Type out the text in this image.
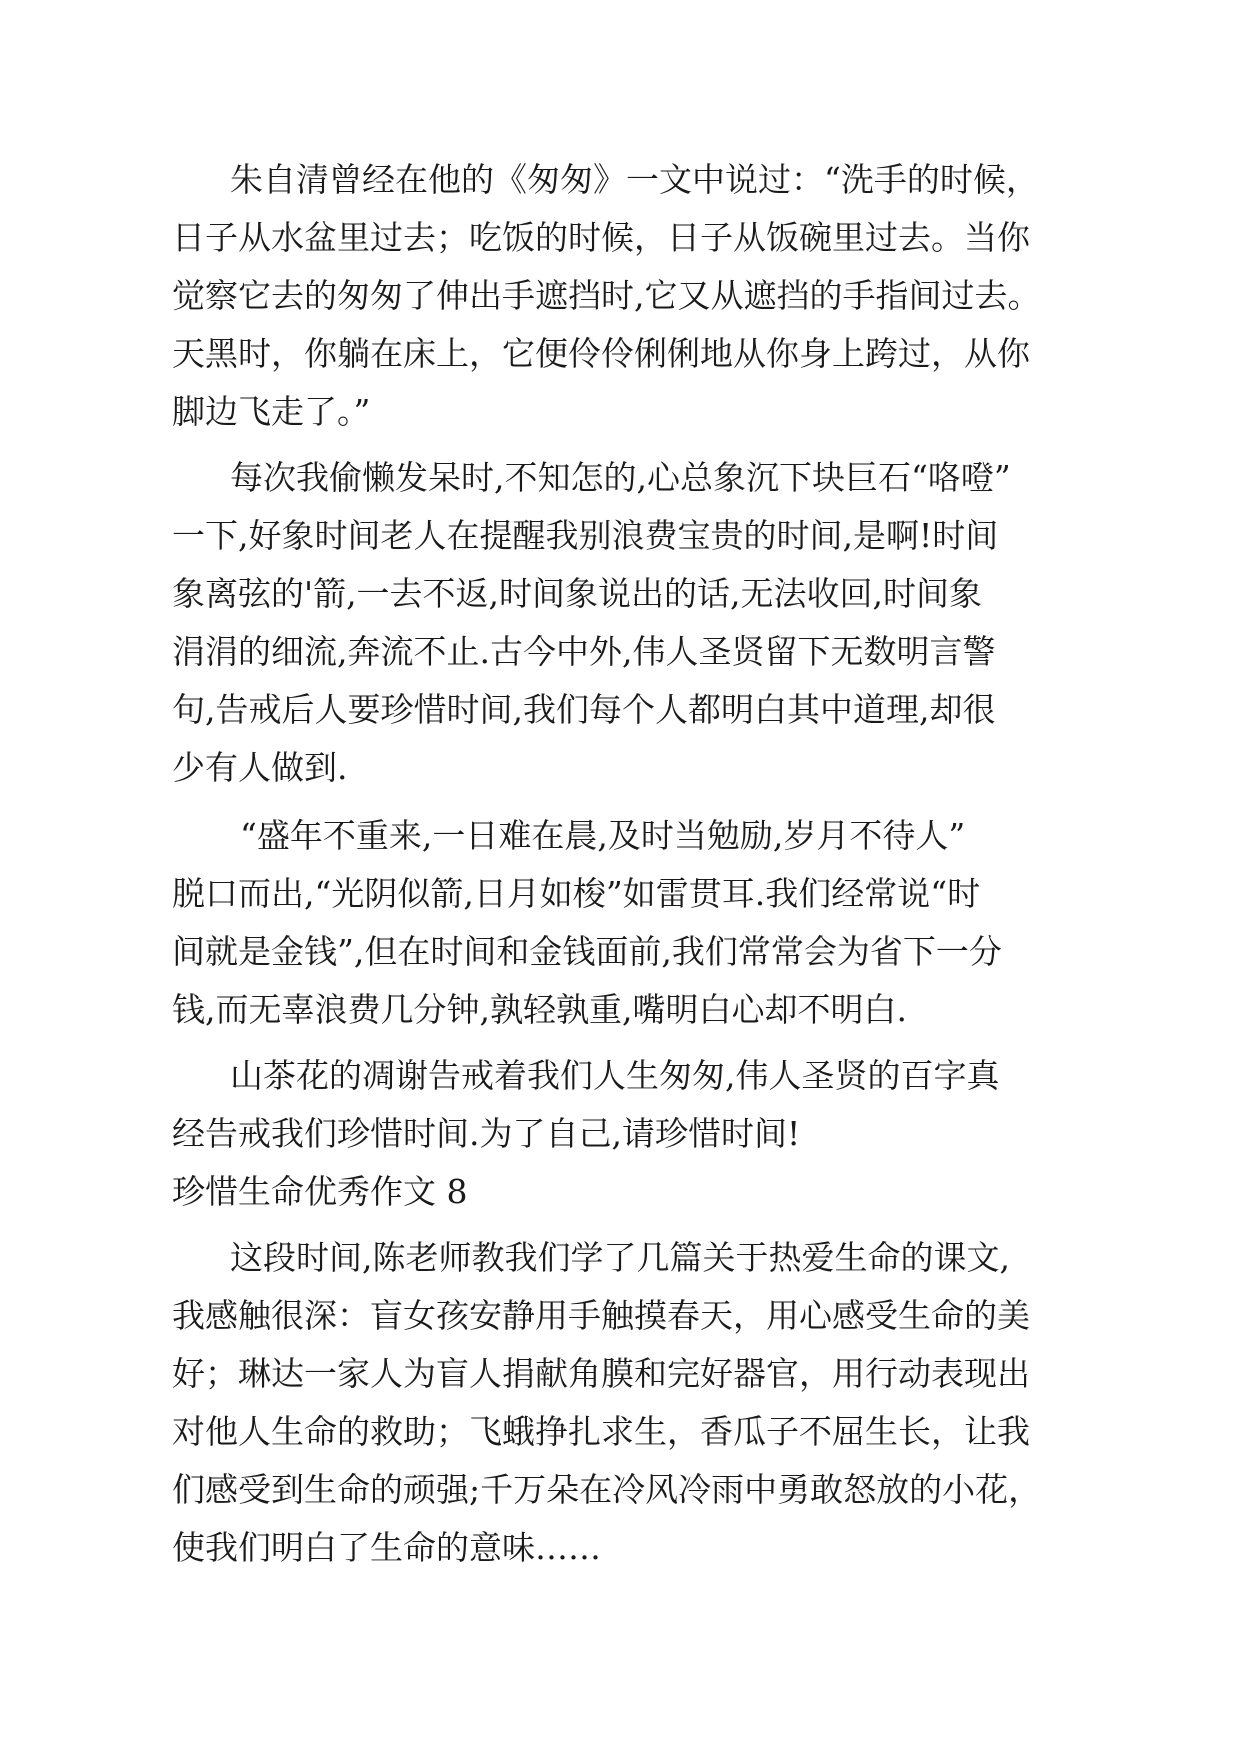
朱自清曾经在他的《匆匆》一文中说过：“洗手的时候，
日子从水盆里过去；吃饭的时候，日子从饭碗里过去。当你
觉察它去的匆匆了伸出手遮挡时,它又从遮挡的手指间过去。
天黑时，你躺在床上，它便伶伶俐俐地从你身上跨过，从你
脚边飞走了。”
每次我偷懒发呆时,不知怎的,心总象沉下块巨石“咯噔”
一下,好象时间老人在提醒我别浪费宝贵的时间,是啊!时间
象离弦的'箭,一去不返,时间象说出的话,无法收回,时间象
涓涓的细流,奔流不止.古今中外,伟人圣贤留下无数明言警
句,告戒后人要珍惜时间,我们每个人都明白其中道理,却很
少有人做到.
“盛年不重来,一日难在晨,及时当勉励,岁月不待人”
脱口而出,“光阴似箭,日月如梭”如雷贯耳.我们经常说“时
间就是金钱”,但在时间和金钱面前,我们常常会为省下一分
钱,而无辜浪费几分钟,孰轻孰重,嘴明白心却不明白.
山茶花的凋谢告戒着我们人生匆匆,伟人圣贤的百字真
经告戒我们珍惜时间.为了自己,请珍惜时间!
珍惜生命优秀作文 8
这段时间,陈老师教我们学了几篇关于热爱生命的课文,
我感触很深：盲女孩安静用手触摸春天，用心感受生命的美
好；琳达一家人为盲人捐献角膜和完好器官，用行动表现出
对他人生命的救助；飞蛾挣扎求生，香瓜子不屈生长，让我
们感受到生命的顽强;千万朵在冷风冷雨中勇敢怒放的小花，
使我们明白了生命的意味……
